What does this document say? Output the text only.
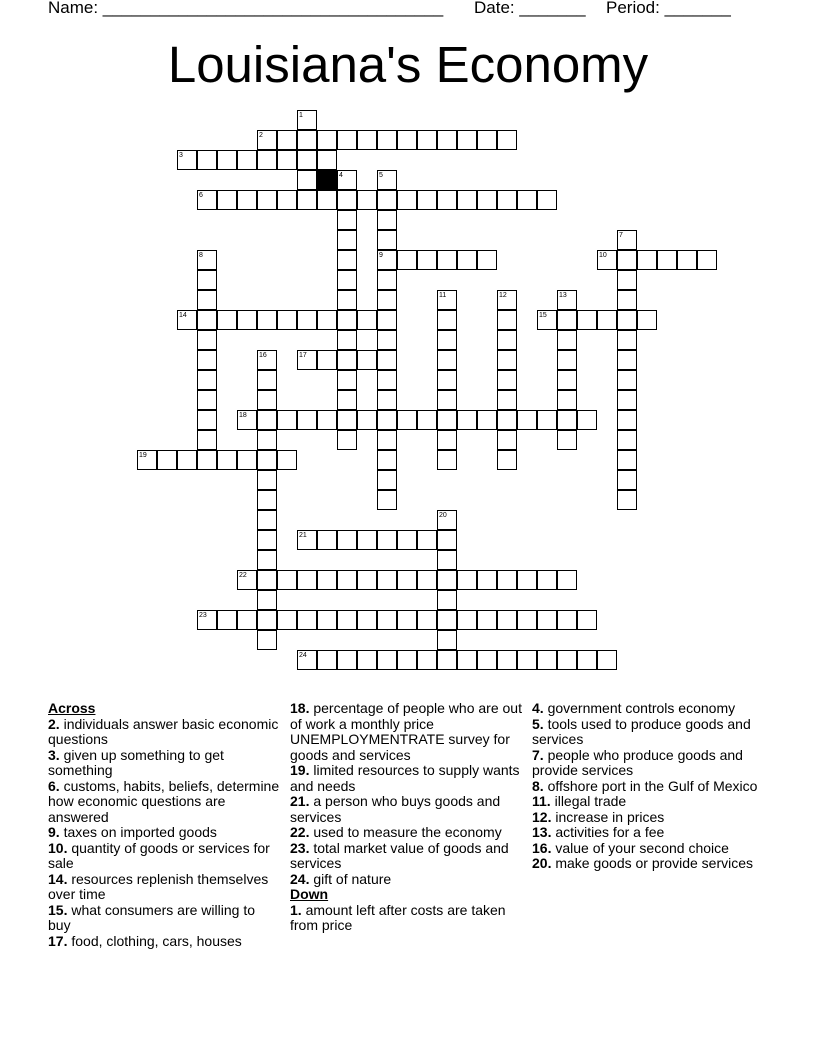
Name: ____________________________________ Date: _______ Period: _______
Louisiana's Economy
1
2
3
4	5
9
6
7
8	10
11	12	13
14	15
16	17
18
19
20
21
22
23
24
Across
2. individuals answer basic economic questions
3. given up something to get something
6. customs, habits, beliefs, determine how economic questions are answered
9. taxes on imported goods
10. quantity of goods or services for sale
14. resources replenish themselves over time
15. what consumers are willing to buy
17. food, clothing, cars, houses
18. percentage of people who are out of work a monthly price UNEMPLOYMENTRATE survey for goods and services
19. limited resources to supply wants and needs
21. a person who buys goods and services
22. used to measure the economy
23. total market value of goods and services
24. gift of nature
Down
1. amount left after costs are taken from price
4. government controls economy
5. tools used to produce goods and services
7. people who produce goods and provide services
8. offshore port in the Gulf of Mexico
11. illegal trade
12. increase in prices
13. activities for a fee
16. value of your second choice
20. make goods or provide services
